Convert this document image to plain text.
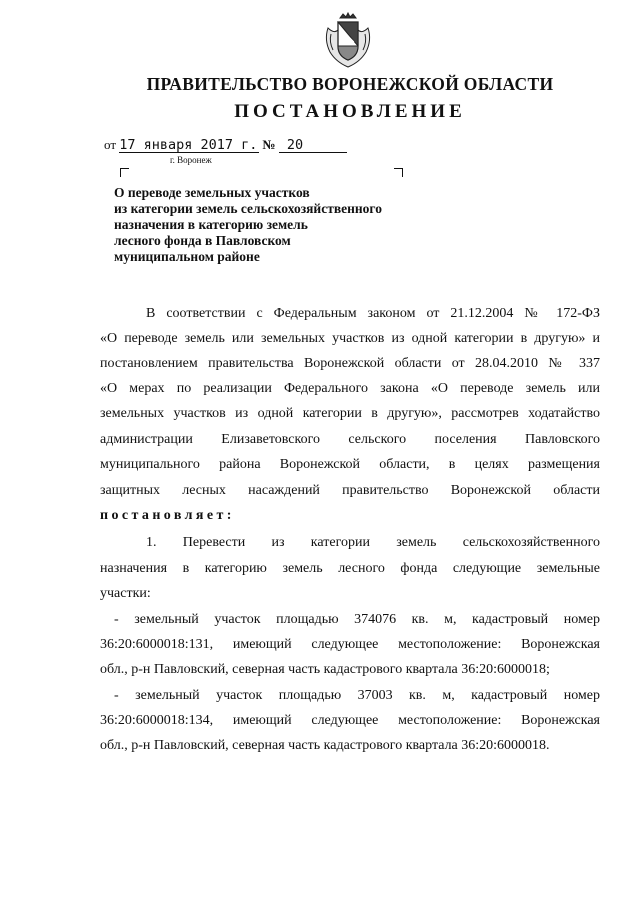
ПРАВИТЕЛЬСТВО ВОРОНЕЖСКОЙ ОБЛАСТИ
ПОСТАНОВЛЕНИЕ
от 17 января 2017 г. № 20
г. Воронеж
О переводе земельных участков
из категории земель сельскохозяйственного
назначения в категорию земель
лесного фонда в Павловском
муниципальном районе
В соответствии с Федеральным законом от 21.12.2004 № 172-ФЗ
«О переводе земель или земельных участков из одной категории в другую» и
постановлением правительства Воронежской области от 28.04.2010 № 337
«О мерах по реализации Федерального закона «О переводе земель или
земельных участков из одной категории в другую», рассмотрев ходатайство
администрации Елизаветовского сельского поселения Павловского
муниципального района Воронежской области, в целях размещения
защитных лесных насаждений правительство Воронежской области
постановляет:
1. Перевести из категории земель сельскохозяйственного
назначения в категорию земель лесного фонда следующие земельные
участки:
- земельный участок площадью 374076 кв. м, кадастровый номер
36:20:6000018:131, имеющий следующее местоположение: Воронежская
обл., р-н Павловский, северная часть кадастрового квартала 36:20:6000018;
- земельный участок площадью 37003 кв. м, кадастровый номер
36:20:6000018:134, имеющий следующее местоположение: Воронежская
обл., р-н Павловский, северная часть кадастрового квартала 36:20:6000018.
